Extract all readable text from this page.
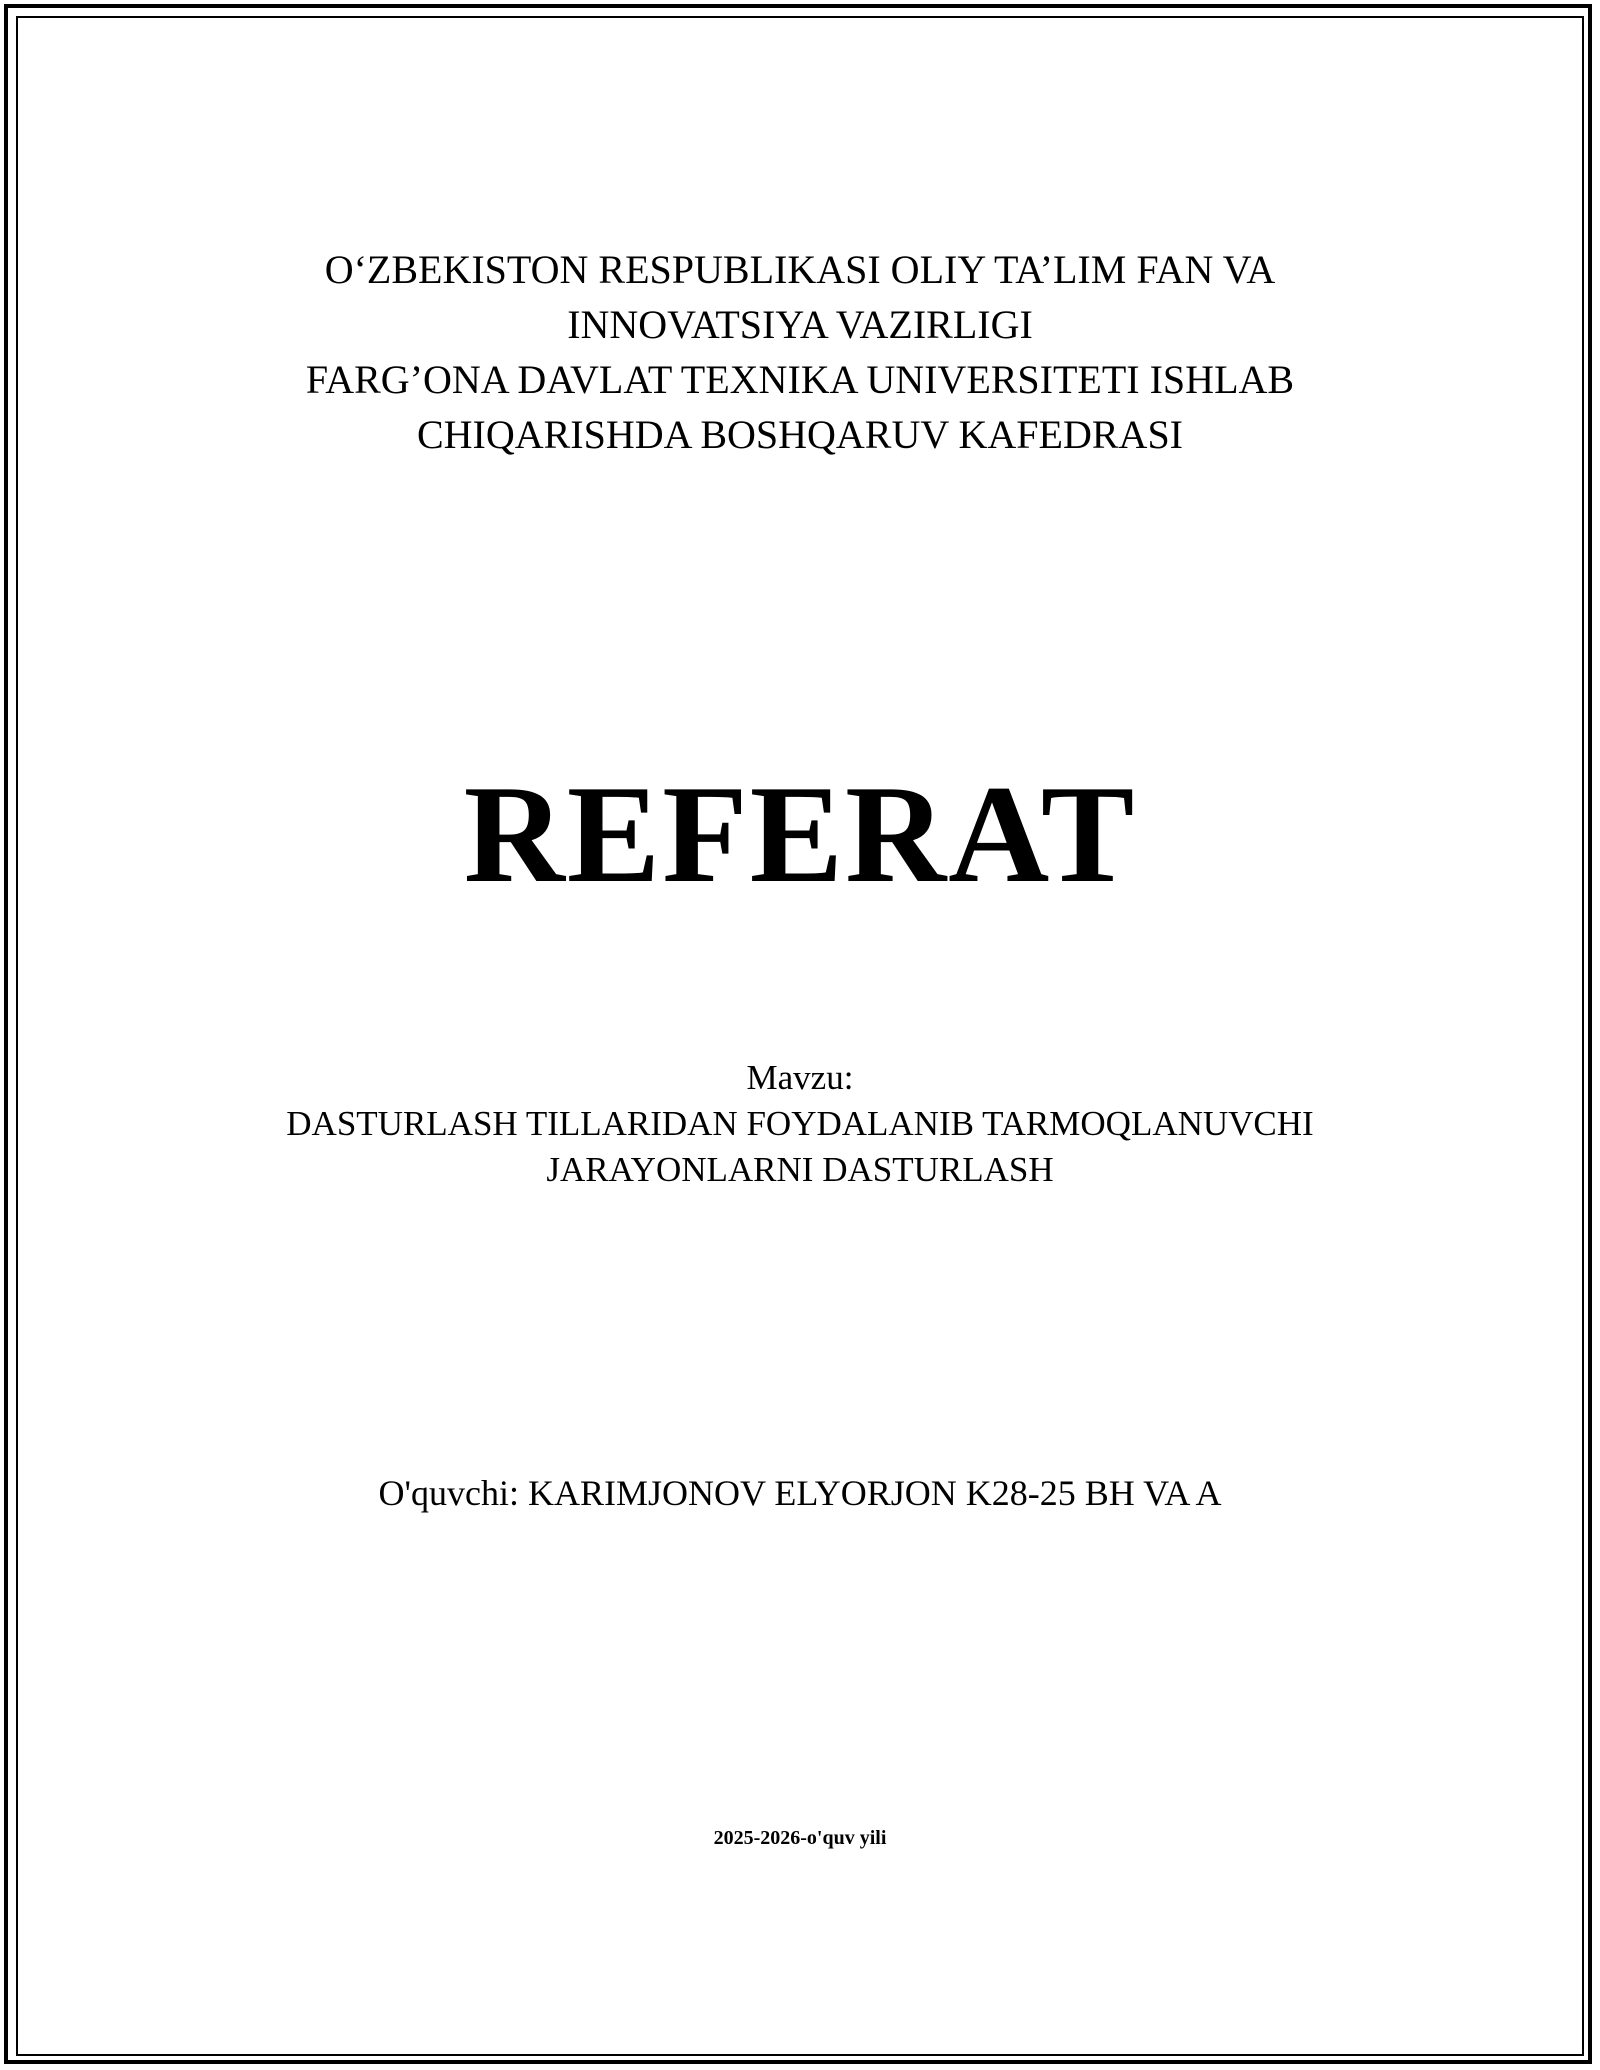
O‘ZBEKISTON RESPUBLIKASI OLIY TA’LIM FAN VA
INNOVATSIYA VAZIRLIGI
FARG’ONA DAVLAT TEXNIKA UNIVERSITETI ISHLAB
CHIQARISHDA BOSHQARUV KAFEDRASI
REFERAT
Mavzu:
DASTURLASH TILLARIDAN FOYDALANIB TARMOQLANUVCHI
JARAYONLARNI DASTURLASH
O'quvchi: KARIMJONOV ELYORJON K28-25 BH VA A
2025-2026-o'quv yili
